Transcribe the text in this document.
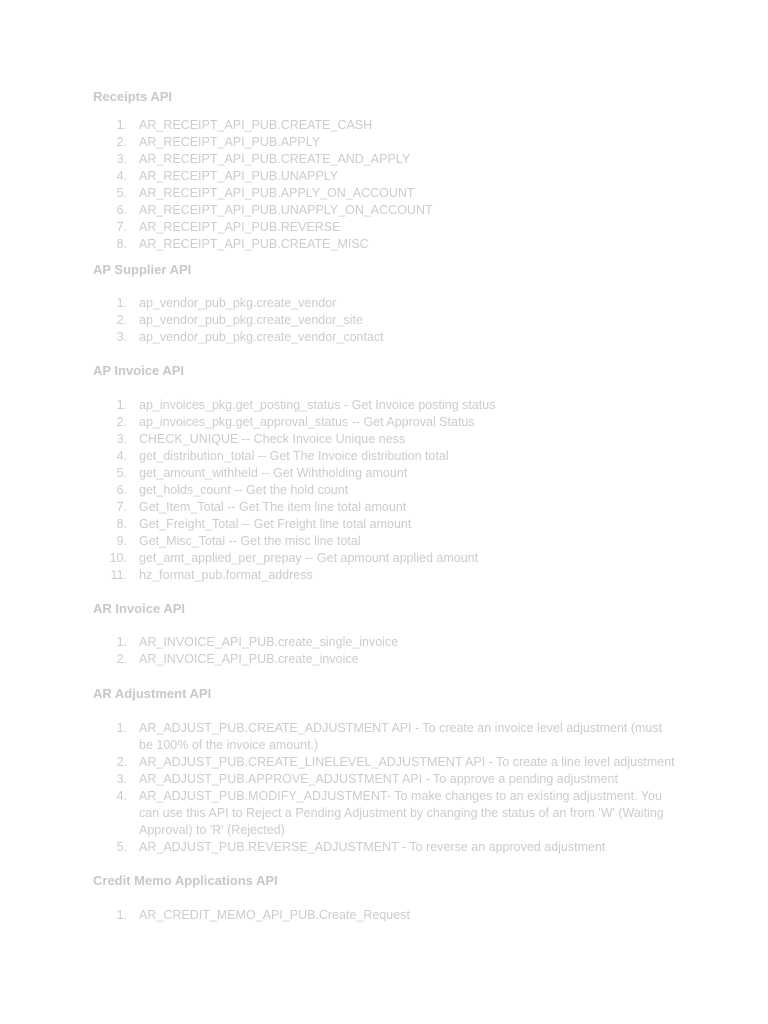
Receipts API

1. AR_RECEIPT_API_PUB.CREATE_CASH
2. AR_RECEIPT_API_PUB.APPLY
3. AR_RECEIPT_API_PUB.CREATE_AND_APPLY
4. AR_RECEIPT_API_PUB.UNAPPLY
5. AR_RECEIPT_API_PUB.APPLY_ON_ACCOUNT
6. AR_RECEIPT_API_PUB.UNAPPLY_ON_ACCOUNT
7. AR_RECEIPT_API_PUB.REVERSE
8. AR_RECEIPT_API_PUB.CREATE_MISC

AP Supplier API

1. ap_vendor_pub_pkg.create_vendor
2. ap_vendor_pub_pkg.create_vendor_site
3. ap_vendor_pub_pkg.create_vendor_contact

AP Invoice API

1. ap_invoices_pkg.get_posting_status - Get Invoice posting status
2. ap_invoices_pkg.get_approval_status -- Get Approval Status
3. CHECK_UNIQUE -- Check Invoice Unique ness
4. get_distribution_total -- Get The Invoice distribution total
5. get_amount_withheld -- Get Wihtholding amount
6. get_holds_count -- Get the hold count
7. Get_Item_Total -- Get The item line total amount
8. Get_Freight_Total -- Get Freight line total amount
9. Get_Misc_Total -- Get the misc line total
10. get_amt_applied_per_prepay -- Get apmount applied amount
11. hz_format_pub.format_address

AR Invoice API

1. AR_INVOICE_API_PUB.create_single_invoice
2. AR_INVOICE_API_PUB.create_invoice

AR Adjustment API

1. AR_ADJUST_PUB.CREATE_ADJUSTMENT API - To create an invoice level adjustment (must be 100% of the invoice amount.)
2. AR_ADJUST_PUB.CREATE_LINELEVEL_ADJUSTMENT API - To create a line level adjustment
3. AR_ADJUST_PUB.APPROVE_ADJUSTMENT API - To approve a pending adjustment
4. AR_ADJUST_PUB.MODIFY_ADJUSTMENT- To make changes to an existing adjustment. You can use this API to Reject a Pending Adjustment by changing the status of an from 'W' (Waiting Approval) to 'R' (Rejected)
5. AR_ADJUST_PUB.REVERSE_ADJUSTMENT - To reverse an approved adjustment

Credit Memo Applications API

1. AR_CREDIT_MEMO_API_PUB.Create_Request
